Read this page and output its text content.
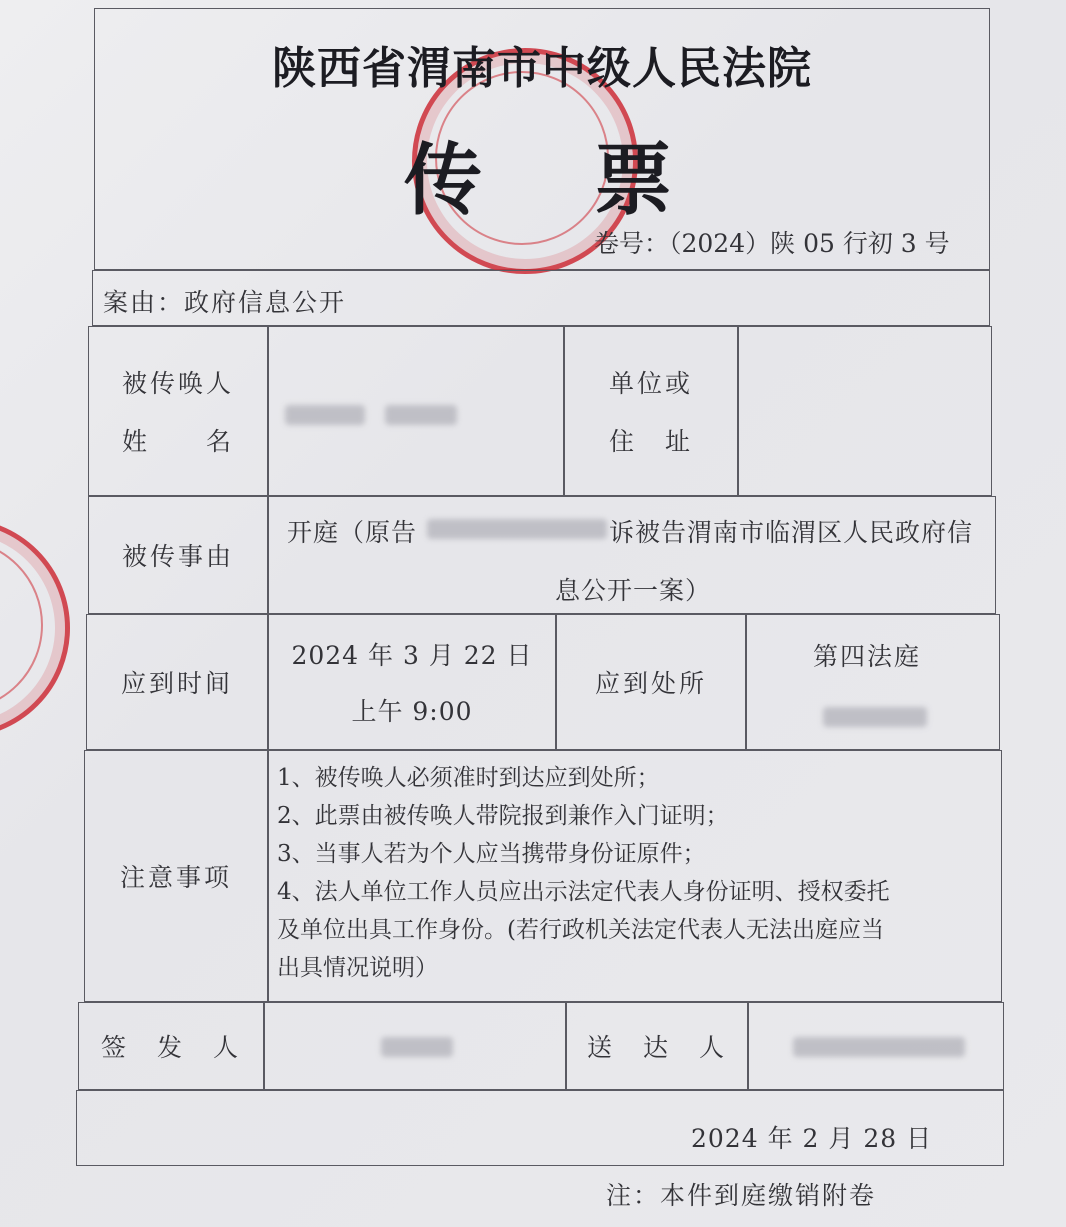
陕西省渭南市中级人民法院
传 票
卷号：（2024）陕 05 行初 3 号
案由：政府信息公开
被传唤人
姓　　名
单位或
住　址
被传事由
开庭（原告	诉被告渭南市临渭区人民政府信
息公开一案）
应到时间
2024 年 3 月 22 日
上午 9:00
应到处所
第四法庭
注意事项
1、被传唤人必须准时到达应到处所；
2、此票由被传唤人带院报到兼作入门证明；
3、当事人若为个人应当携带身份证原件；
4、法人单位工作人员应出示法定代表人身份证明、授权委托
及单位出具工作身份。(若行政机关法定代表人无法出庭应当
出具情况说明）
签　发　人	送　达　人
2024 年 2 月 28 日
注：本件到庭缴销附卷
